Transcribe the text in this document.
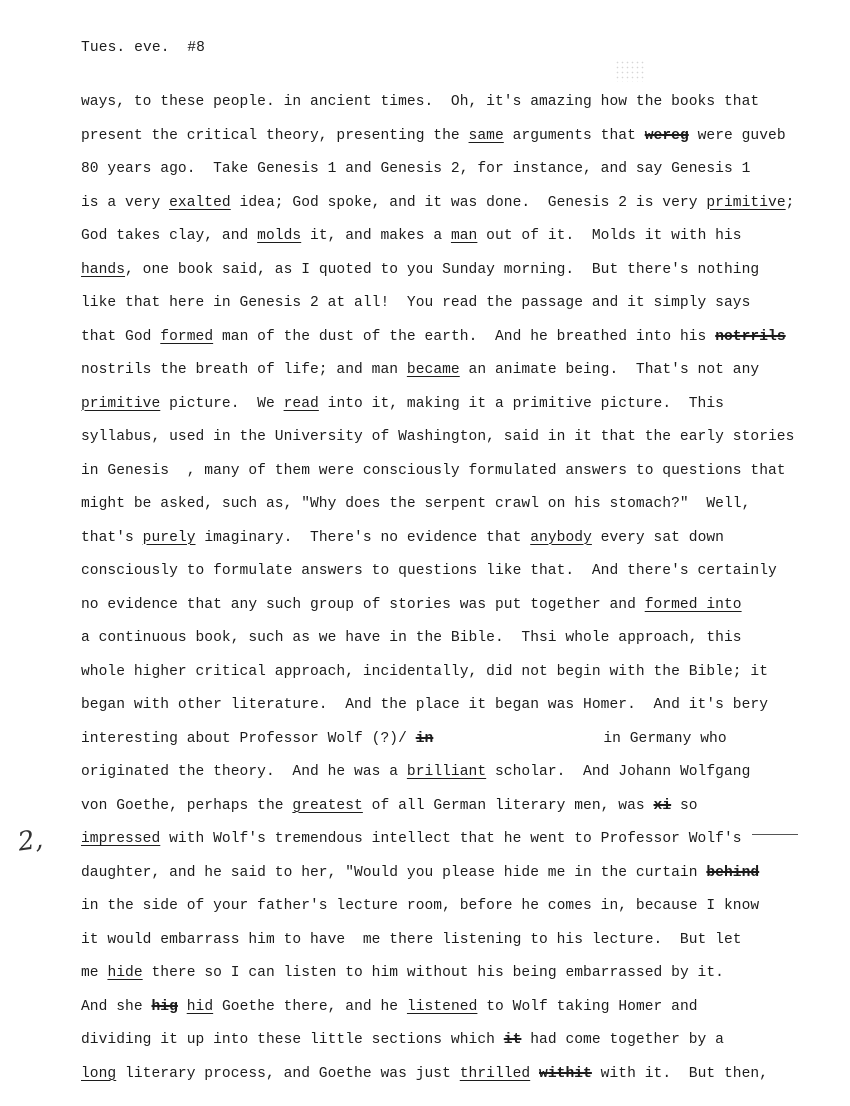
Tues. eve.  #8
ways, to these people. in ancient times.  Oh, it's amazing how the books that
present the critical theory, presenting the same arguments that wereg were guveb
80 years ago.  Take Genesis 1 and Genesis 2, for instance, and say Genesis 1
is a very exalted idea; God spoke, and it was done.  Genesis 2 is very primitive;
God takes clay, and molds it, and makes a man out of it.  Molds it with his
hands, one book said, as I quoted to you Sunday morning.  But there's nothing
like that here in Genesis 2 at all!  You read the passage and it simply says
that God formed man of the dust of the earth.  And he breathed into his notrrils
nostrils the breath of life; and man became an animate being.  That's not any
primitive picture.  We read into it, making it a primitive picture.  This
syllabus, used in the University of Washington, said in it that the early stories
in Genesis  , many of them were consciously formulated answers to questions that
might be asked, such as, "Why does the serpent crawl on his stomach?"  Well,
that's purely imaginary.  There's no evidence that anybody every sat down
consciously to formulate answers to questions like that.  And there's certainly
no evidence that any such group of stories was put together and formed into
a continuous book, such as we have in the Bible.  Thsi whole approach, this
whole higher critical approach, incidentally, did not begin with the Bible; it
began with other literature.  And the place it began was Homer.  And it's bery
interesting about Professor Wolf (?)/ in	in Germany who
originated the theory.  And he was a brilliant scholar.  And Johann Wolfgang
von Goethe, perhaps the greatest of all German literary men, was xi so
impressed with Wolf's tremendous intellect that he went to Professor Wolf's
daughter, and he said to her, "Would you please hide me in the curtain behind
in the side of your father's lecture room, before he comes in, because I know
it would embarrass him to have  me there listening to his lecture.  But let
me hide there so I can listen to him without his being embarrassed by it.
And she hig hid Goethe there, and he listened to Wolf taking Homer and
dividing it up into these little sections which it had come together by a
long literary process, and Goethe was just thrilled withit with it.  But then,
2,
